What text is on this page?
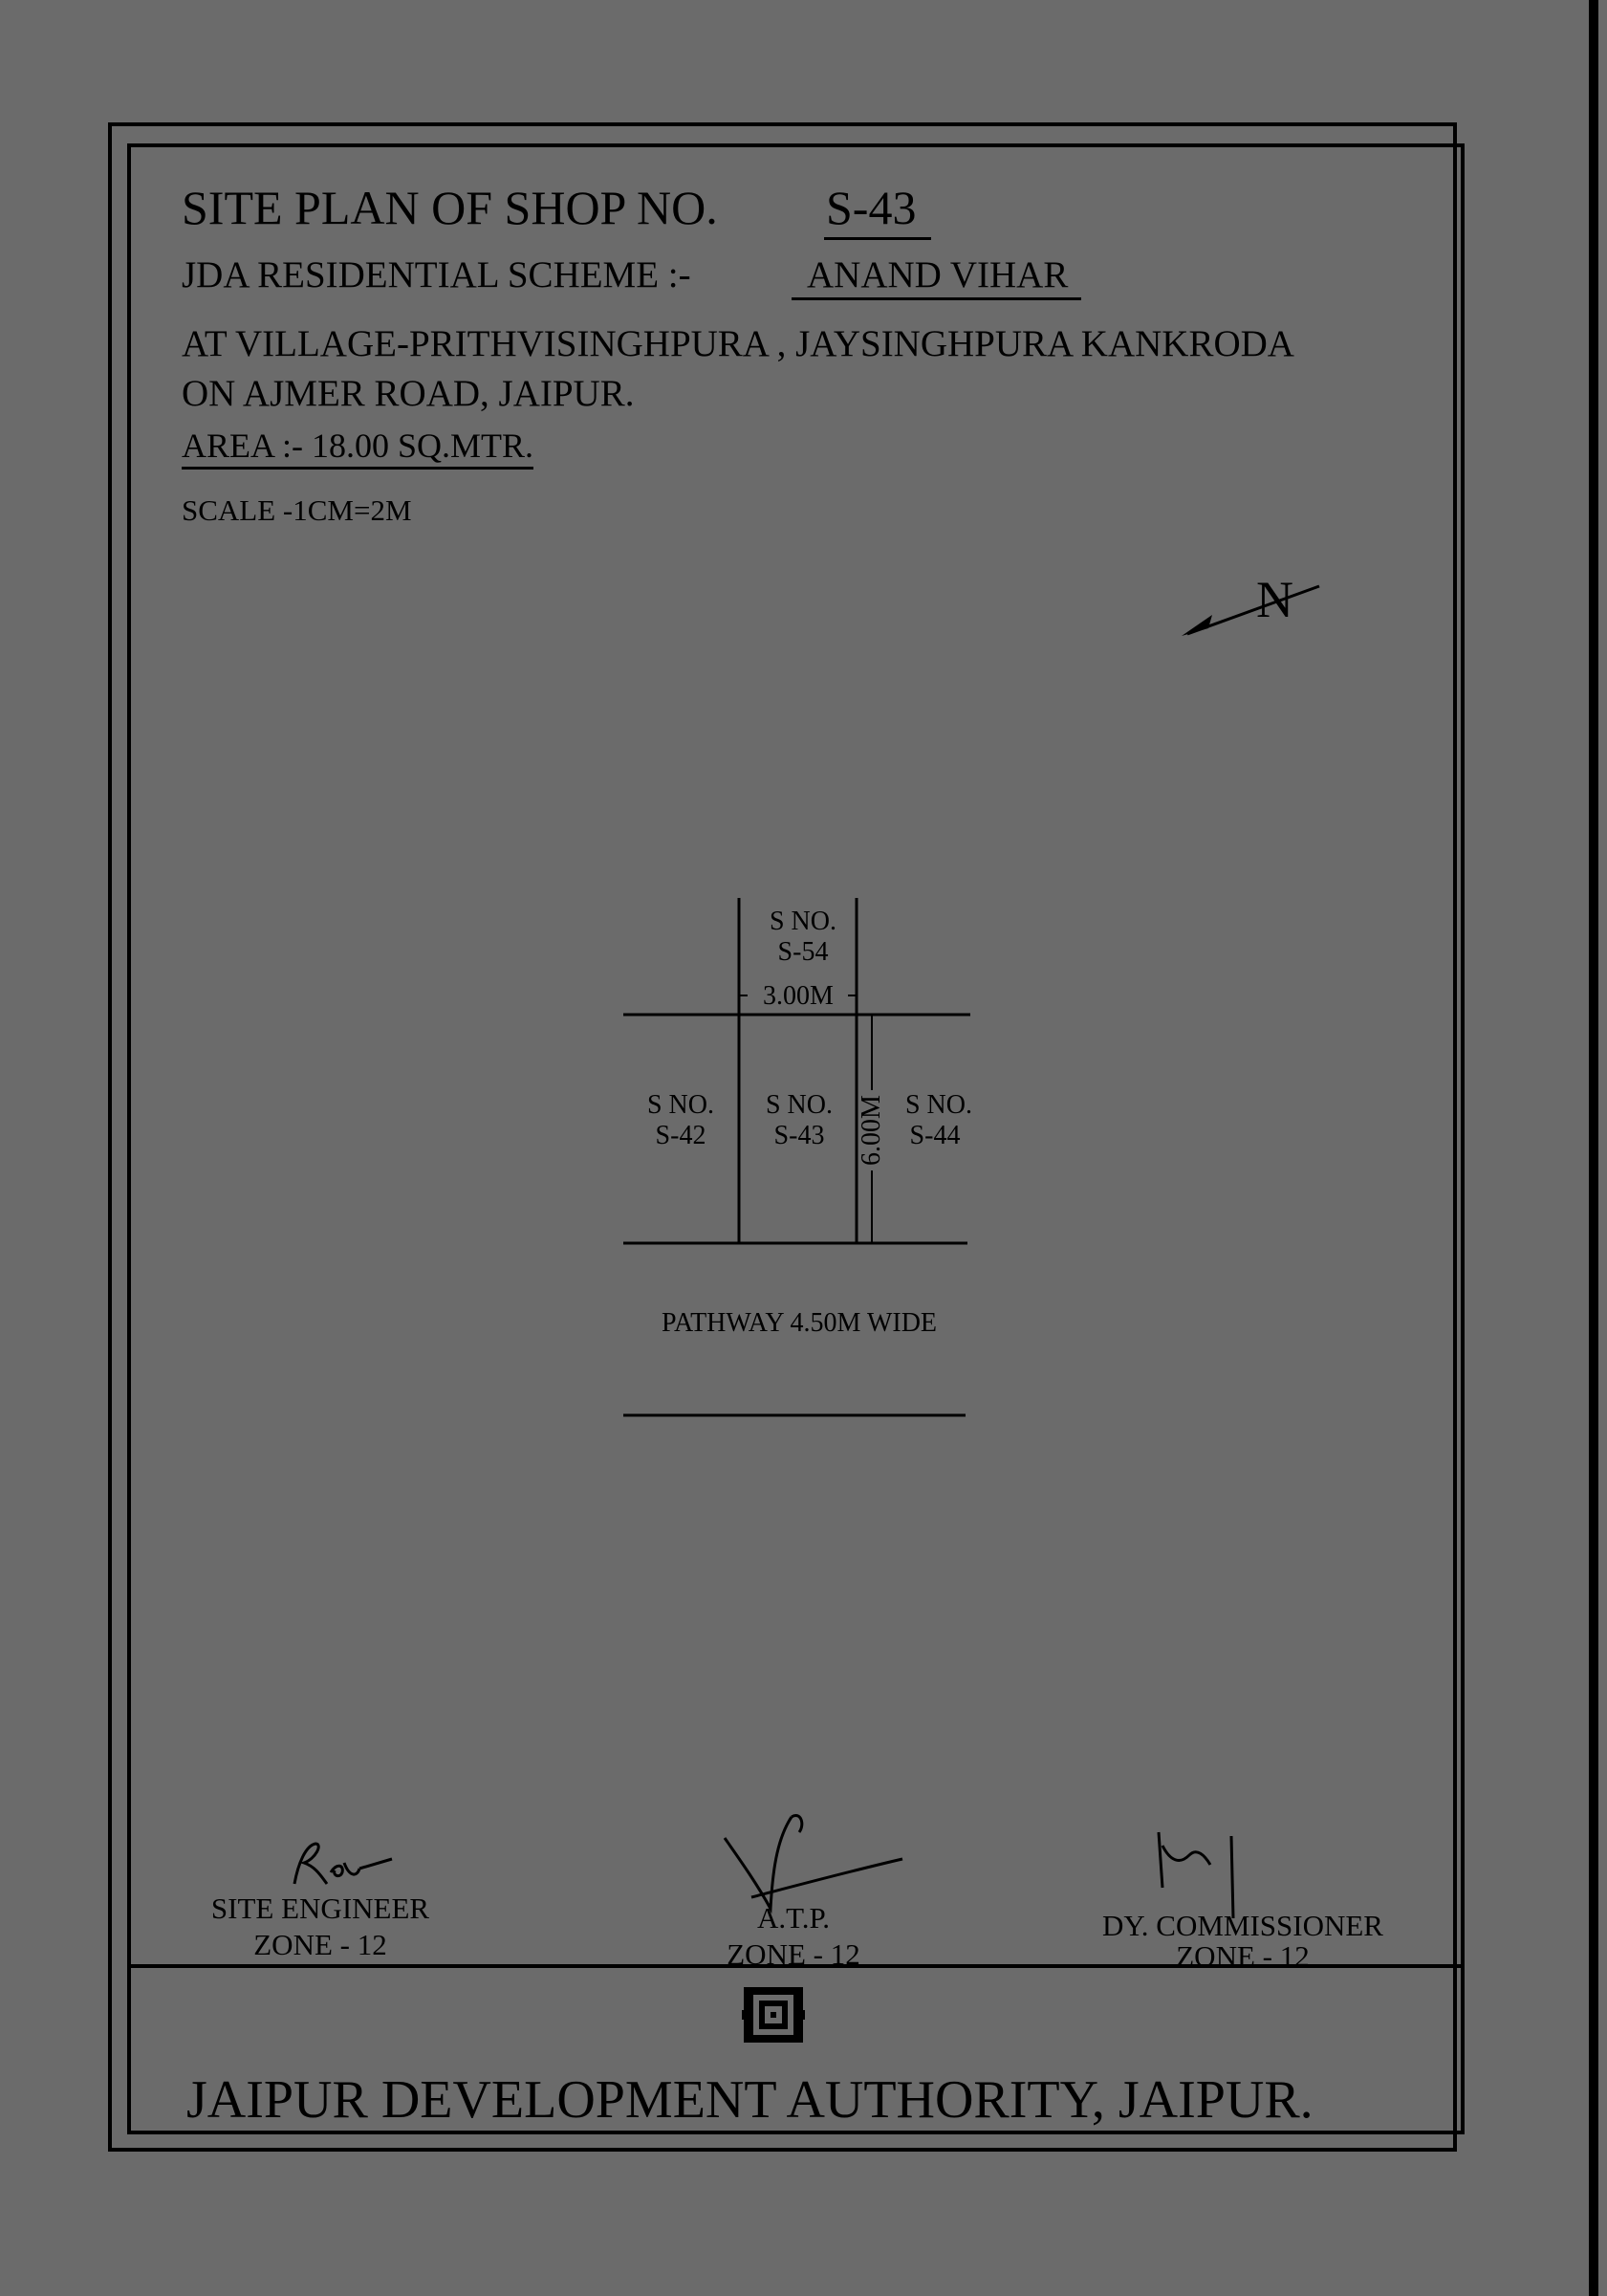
SITE PLAN OF SHOP NO. S-43
JDA RESIDENTIAL SCHEME :-	ANAND VIHAR
AT VILLAGE-PRITHVISINGHPURA , JAYSINGHPURA KANKRODA
ON AJMER ROAD, JAIPUR.
AREA :- 18.00 SQ.MTR.
SCALE -1CM=2M
N
3.00M
6.00M
S NO.
S-54
S NO.
S-42
S NO.
S-43
S NO.
S-44
PATHWAY 4.50M WIDE
SITE ENGINEER
ZONE - 12
A.T.P.
ZONE - 12
DY. COMMISSIONER
ZONE - 12
JAIPUR DEVELOPMENT AUTHORITY, JAIPUR.
